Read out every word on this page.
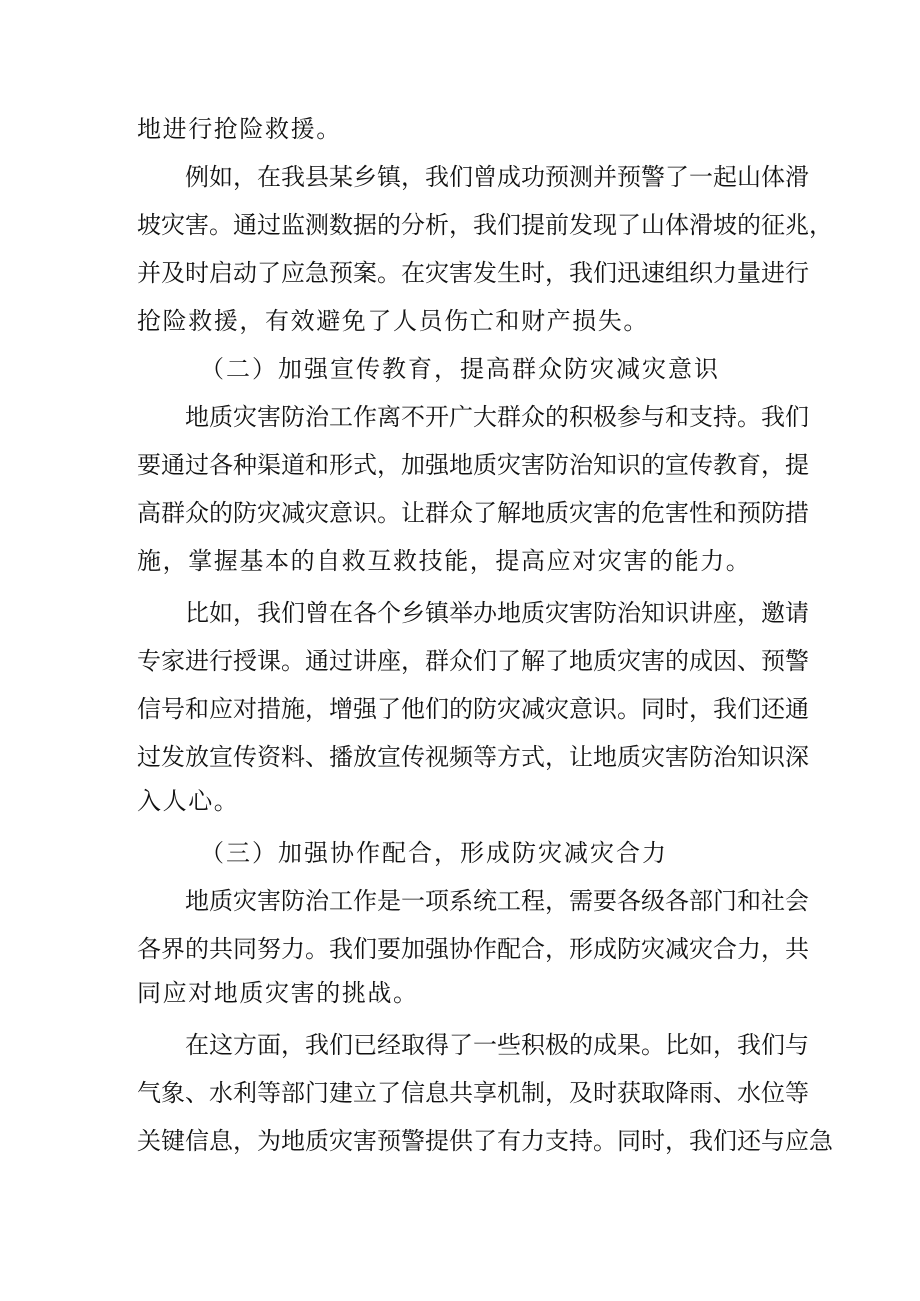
地进行抢险救援。
例如，在我县某乡镇，我们曾成功预测并预警了一起山体滑
坡灾害。通过监测数据的分析，我们提前发现了山体滑坡的征兆，
并及时启动了应急预案。在灾害发生时，我们迅速组织力量进行
抢险救援，有效避免了人员伤亡和财产损失。
（二）加强宣传教育，提高群众防灾减灾意识
地质灾害防治工作离不开广大群众的积极参与和支持。我们
要通过各种渠道和形式，加强地质灾害防治知识的宣传教育，提
高群众的防灾减灾意识。让群众了解地质灾害的危害性和预防措
施，掌握基本的自救互救技能，提高应对灾害的能力。
比如，我们曾在各个乡镇举办地质灾害防治知识讲座，邀请
专家进行授课。通过讲座，群众们了解了地质灾害的成因、预警
信号和应对措施，增强了他们的防灾减灾意识。同时，我们还通
过发放宣传资料、播放宣传视频等方式，让地质灾害防治知识深
入人心。
（三）加强协作配合，形成防灾减灾合力
地质灾害防治工作是一项系统工程，需要各级各部门和社会
各界的共同努力。我们要加强协作配合，形成防灾减灾合力，共
同应对地质灾害的挑战。
在这方面，我们已经取得了一些积极的成果。比如，我们与
气象、水利等部门建立了信息共享机制，及时获取降雨、水位等
关键信息，为地质灾害预警提供了有力支持。同时，我们还与应急
